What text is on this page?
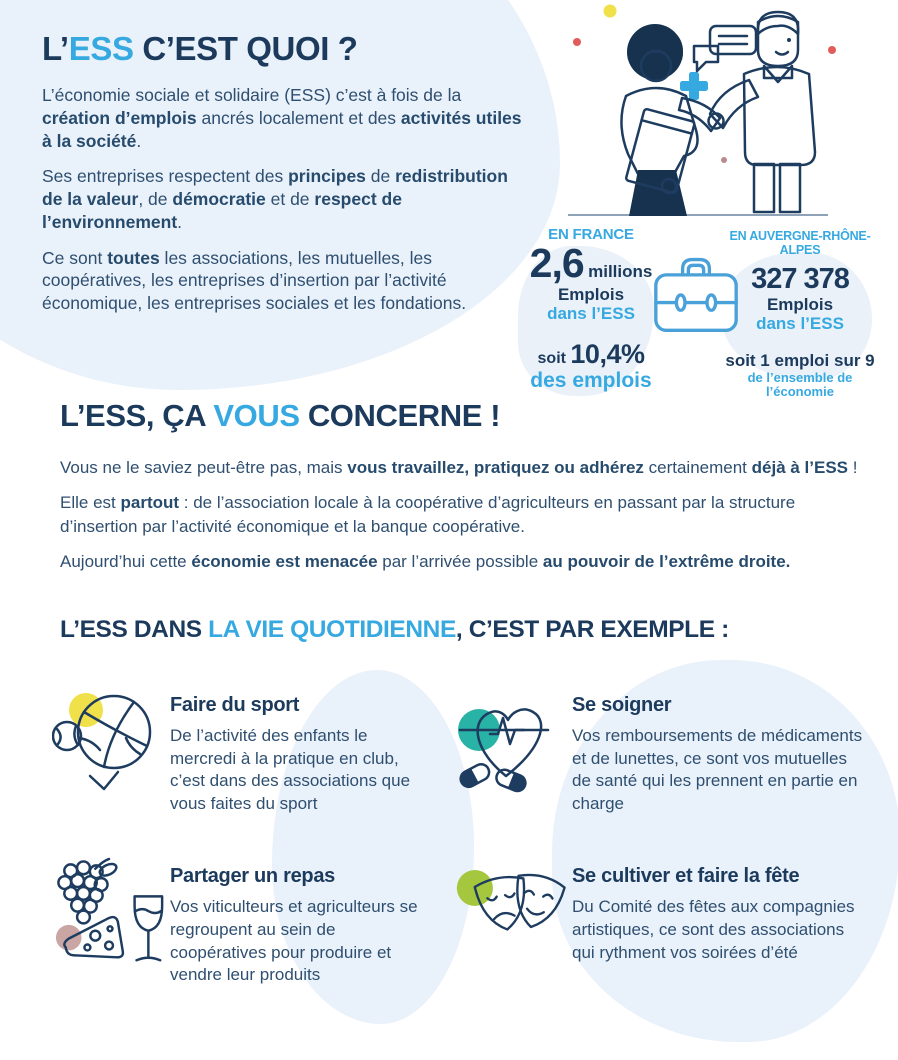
L’ESS C’EST QUOI ?

L’économie sociale et solidaire (ESS) c’est à fois de la création d’emplois ancrés localement et des activités utiles à la société.

Ses entreprises respectent des principes de redistribution de la valeur, de démocratie et de respect de l’environnement.

Ce sont toutes les associations, les mutuelles, les coopératives, les entreprises d’insertion par l’activité économique, les entreprises sociales et les fondations.

EN FRANCE
2,6 millions
Emplois
dans l’ESS
soit 10,4%
des emplois
EN AUVERGNE-RHÔNE-ALPES
327 378
Emplois
dans l’ESS
soit 1 emploi sur 9
de l’ensemble de l’économie
L’ESS, ÇA VOUS CONCERNE !

Vous ne le saviez peut-être pas, mais vous travaillez, pratiquez ou adhérez certainement déjà à l’ESS !

Elle est partout : de l’association locale à la coopérative d’agriculteurs en passant par la structure d’insertion par l’activité économique et la banque coopérative.

Aujourd’hui cette économie est menacée par l’arrivée possible au pouvoir de l’extrême droite.

L’ESS DANS LA VIE QUOTIDIENNE, C’EST PAR EXEMPLE :
Faire du sport

De l’activité des enfants le mercredi à la pratique en club, c’est dans des associations que vous faites du sport

Se soigner

Vos remboursements de médicaments et de lunettes, ce sont vos mutuelles de santé qui les prennent en partie en charge

Partager un repas

Vos viticulteurs et agriculteurs se regroupent au sein de coopératives pour produire et vendre leur produits

Se cultiver et faire la fête

Du Comité des fêtes aux compagnies artistiques, ce sont des associations qui rythment vos soirées d’été
